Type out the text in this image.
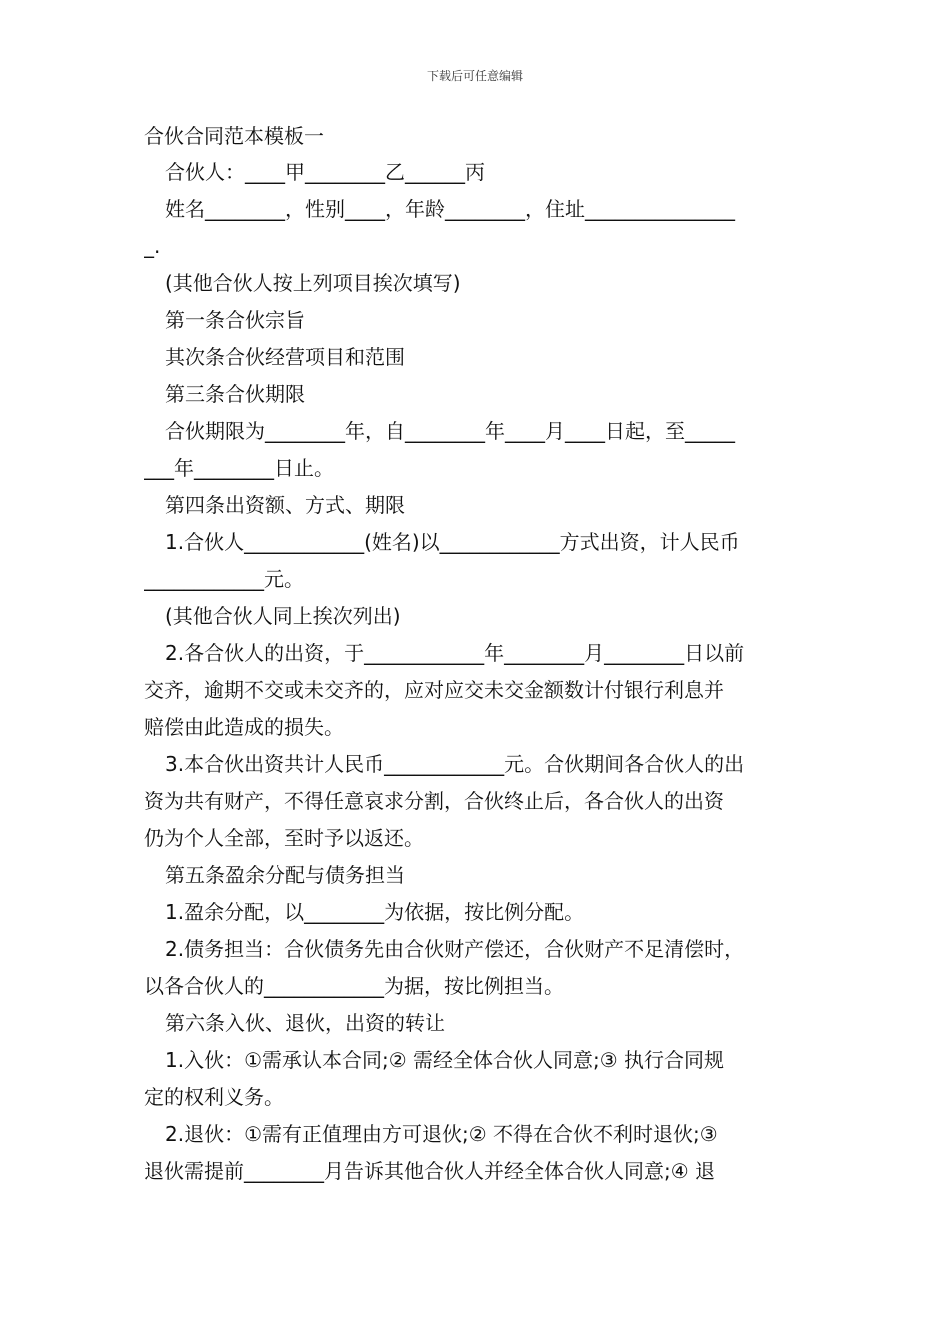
下载后可任意编辑
合伙合同范本模板一
合伙人：____甲________乙______丙
姓名________，性别____，年龄________，住址_______________
_.
(其他合伙人按上列项目挨次填写)
第一条合伙宗旨
其次条合伙经营项目和范围
第三条合伙期限
合伙期限为________年，自________年____月____日起，至_____
___年________日止。
第四条出资额、方式、期限
1.合伙人____________(姓名)以____________方式出资，计人民币
____________元。
(其他合伙人同上挨次列出)
2.各合伙人的出资，于____________年________月________日以前
交齐，逾期不交或未交齐的，应对应交未交金额数计付银行利息并
赔偿由此造成的损失。
3.本合伙出资共计人民币____________元。合伙期间各合伙人的出
资为共有财产，不得任意哀求分割，合伙终止后，各合伙人的出资
仍为个人全部，至时予以返还。
第五条盈余分配与债务担当
1.盈余分配，以________为依据，按比例分配。
2.债务担当：合伙债务先由合伙财产偿还，合伙财产不足清偿时，
以各合伙人的____________为据，按比例担当。
第六条入伙、退伙，出资的转让
1.入伙：①需承认本合同;② 需经全体合伙人同意;③ 执行合同规
定的权利义务。
2.退伙：①需有正值理由方可退伙;② 不得在合伙不利时退伙;③
退伙需提前________月告诉其他合伙人并经全体合伙人同意;④ 退
